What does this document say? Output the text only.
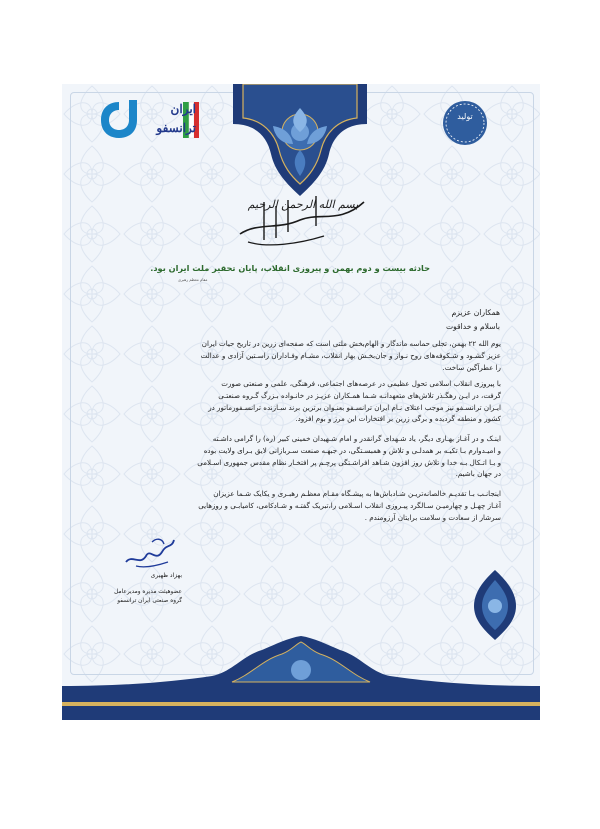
تولید
ایران
ترانسفو
بسم الله الرحمن الرحیم
حادثه بیست و دوم بهمن و پیروزی انقلاب، پایان تحقیر ملت ایران بود.
مقام معظم رهبری
همکاران عزیزم
باسلام و خداقوت
یوم الله ۲۲ بهمن، تجلی حماسه ماندگار و الهام‌بخش ملتی است که صفحه‌ای زرین در تاریخ حیات ایران
عزیز گشـود و شـکوفه‌های روح نـواز و جان‌بخـش بهار انقلاب، مشـام وفـاداران راسـتین آزادی و عدالت
را عطرآگین ساخت.
با پیروزی انقلاب اسلامی تحول عظیمی در عرصه‌های اجتماعی، فرهنگی، علمی و صنعتی صورت
گرفت، در ایـن رهگـذر تلاش‌های متعهدانـه شـما همـکاران عزیـز در خانـواده بـزرگ گـروه صنعتـی
ایـران ترانسـفو نیز موجب اعتلای نـام ایران ترانسـفو بعنـوان برترین برند سـازنده ترانسـفورماتور در
کشور و منطقه گردیده و برگی زرین بر افتخارات این مرز و بوم افزود.
اینـک و در آغـاز بهـاری دیگر، یاد شـهدای گرانقدر و امام شـهیدان خمینی کبیر (ره) را گرامی داشـته
و امیـدوارم بـا تکیـه بر همدلـی و تلاش و همبسـتگی، در جبهـه صنعت سـربازانی لایق بـرای ولایت بوده
و بـا اتـکال بـه خدا و تلاش روز افزون شـاهد افراشـتگی پرچـم پر افتخـار نظام مقدس جمهوری اسـلامی
در جهان باشیم.
اینجانـب بـا تقدیـم خالصانه‌تریـن شـادباش‌ها به پیشـگاه مقـام معظـم رهبـری و یکایک شـما عزیزان
آغـاز چهـل و چهارمیـن سـالگرد پیـروزی انقلاب اسـلامی را،تبریک گفتـه و شـادکامی، کامیابـی و روزهایی
سرشار از سعادت و سلامت برایتان آرزومندم .
بهزاد ظهیری
عضوهیئت مدیره ومدیرعامل
گروه صنعتی ایران ترانسفو
